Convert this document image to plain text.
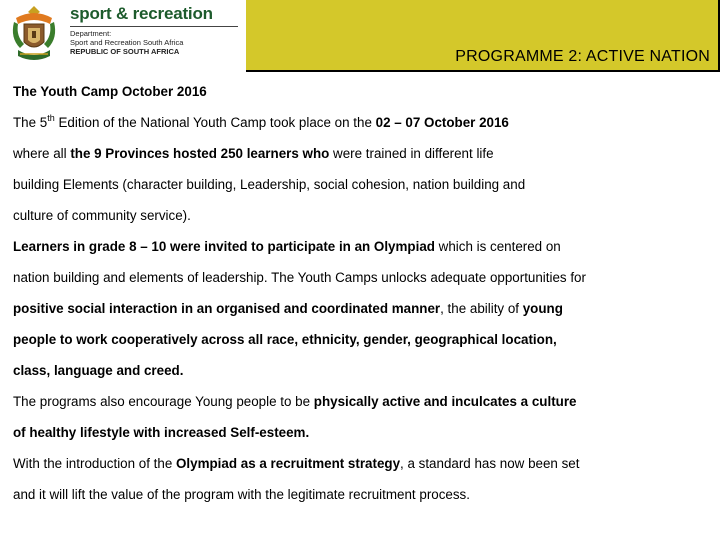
sport & recreation
Department:
Sport and Recreation South Africa
REPUBLIC OF SOUTH AFRICA	PROGRAMME 2: ACTIVE NATION
The Youth Camp October 2016
The 5th Edition of the National Youth Camp took place on the 02 – 07 October 2016
where all the 9 Provinces hosted 250 learners who were trained in different life
building Elements (character building, Leadership, social cohesion, nation building and
culture of community service).
Learners in grade 8 – 10 were invited to participate in an Olympiad which is centered on
nation building and elements of leadership. The Youth Camps unlocks adequate opportunities for
positive social interaction in an organised and coordinated manner, the ability of young
people to work cooperatively across all race, ethnicity, gender, geographical location,
class, language and creed.
The programs also encourage Young people to be physically active and inculcates a culture
of healthy lifestyle with increased Self-esteem.
With the introduction of the Olympiad as a recruitment strategy, a standard has now been set
and it will lift the value of the program with the legitimate recruitment process.
